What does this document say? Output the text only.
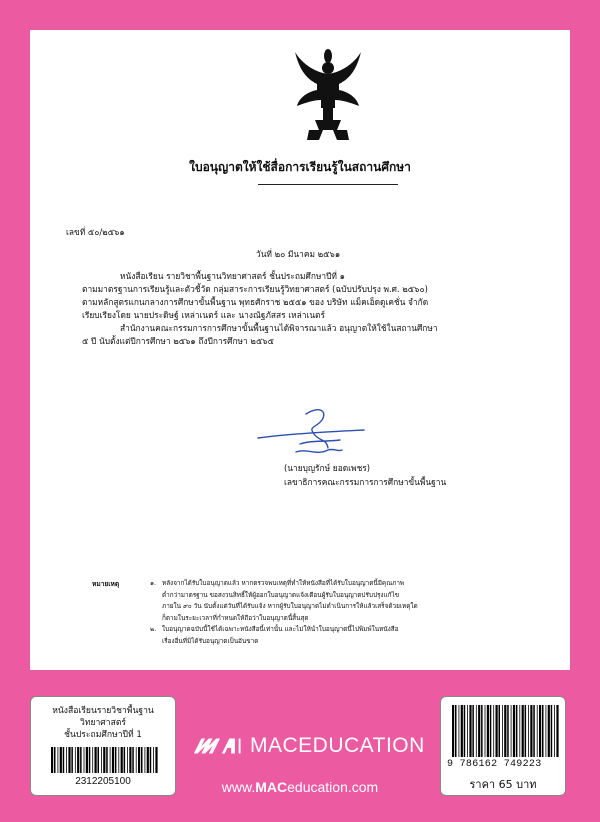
ใบอนุญาตให้ใช้สื่อการเรียนรู้ในสถานศึกษา
เลขที่ ๕๐/๒๕๖๑
วันที่ ๒๐ มีนาคม ๒๕๖๑
หนังสือเรียน รายวิชาพื้นฐานวิทยาศาสตร์ ชั้นประถมศึกษาปีที่ ๑
ตามมาตรฐานการเรียนรู้และตัวชี้วัด กลุ่มสาระการเรียนรู้วิทยาศาสตร์ (ฉบับปรับปรุง พ.ศ. ๒๕๖๐)
ตามหลักสูตรแกนกลางการศึกษาขั้นพื้นฐาน พุทธศักราช ๒๕๕๑ ของ บริษัท แม็คเอ็ดดูเคชั่น จำกัด
เรียบเรียงโดย นายประดิษฐ์ เหล่าเนตร์ และ นางณัฐภัสสร เหล่าเนตร์
สำนักงานคณะกรรมการการศึกษาขั้นพื้นฐานได้พิจารณาแล้ว อนุญาตให้ใช้ในสถานศึกษา
๕ ปี นับตั้งแต่ปีการศึกษา ๒๕๖๑ ถึงปีการศึกษา ๒๕๖๕
(นายบุญรักษ์ ยอดเพชร)
เลขาธิการคณะกรรมการการศึกษาขั้นพื้นฐาน
หมายเหตุ	๑. หลังจากได้รับใบอนุญาตแล้ว หากตรวจพบเหตุที่ทำให้หนังสือที่ได้รับใบอนุญาตนี้มีคุณภาพ
ต่ำกว่ามาตรฐาน ขอสงวนสิทธิ์ให้ผู้ออกใบอนุญาตแจ้งเตือนผู้รับใบอนุญาตปรับปรุงแก้ไข
ภายใน ๙๐ วัน นับตั้งแต่วันที่ได้รับแจ้ง หากผู้รับใบอนุญาตไม่ดำเนินการให้แล้วเสร็จด้วยเหตุใด
ก็ตามในระยะเวลาที่กำหนดให้ถือว่าใบอนุญาตนี้สิ้นสุด
๒. ใบอนุญาตฉบับนี้ใช้ได้เฉพาะหนังสือนี้เท่านั้น และไม่ให้นำใบอนุญาตนี้ไปพิมพ์ในหนังสือ
เรื่องอื่นที่มิได้รับอนุญาตเป็นอันขาด
หนังสือเรียนรายวิชาพื้นฐาน
วิทยาศาสตร์
ชั้นประถมศึกษาปีที่ 1
2312205100
MACEDUCATION
www.MACeducation.com
9 786162 749223
ราคา 65 บาท
